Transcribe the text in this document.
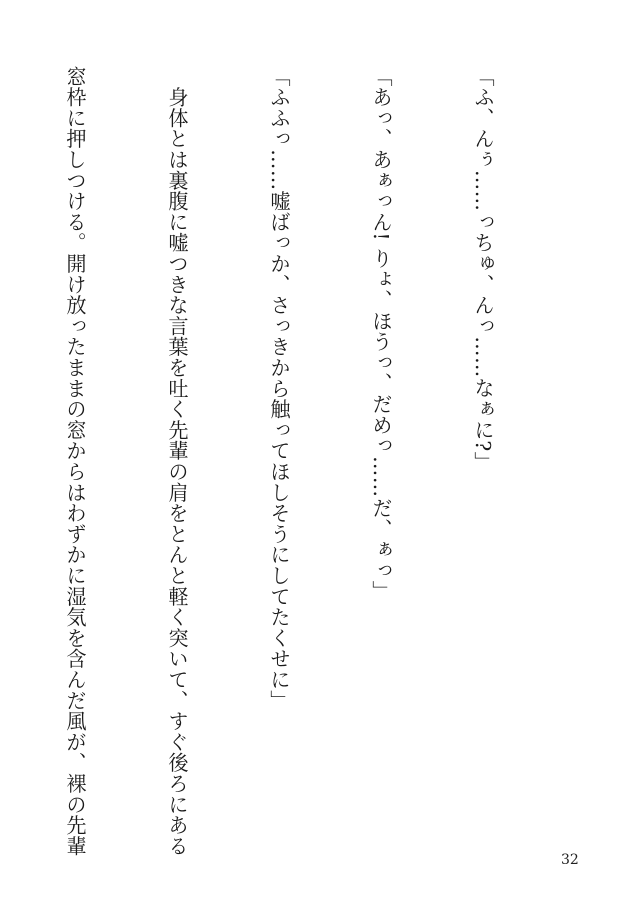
「ふ、んぅ……っちゅ、んっ……なぁに?」

「あっ、あぁっん! りょ、ほうっ、だめっ……だ、ぁっ」

「ふふっ……嘘ばっか、さっきから触ってほしそうにしてたくせに」

　身体とは裏腹に嘘つきな言葉を吐く先輩の肩をとんと軽く突いて、すぐ後ろにある

窓枠に押しつける。開け放ったままの窓からはわずかに湿気を含んだ風が、裸の先輩

32
